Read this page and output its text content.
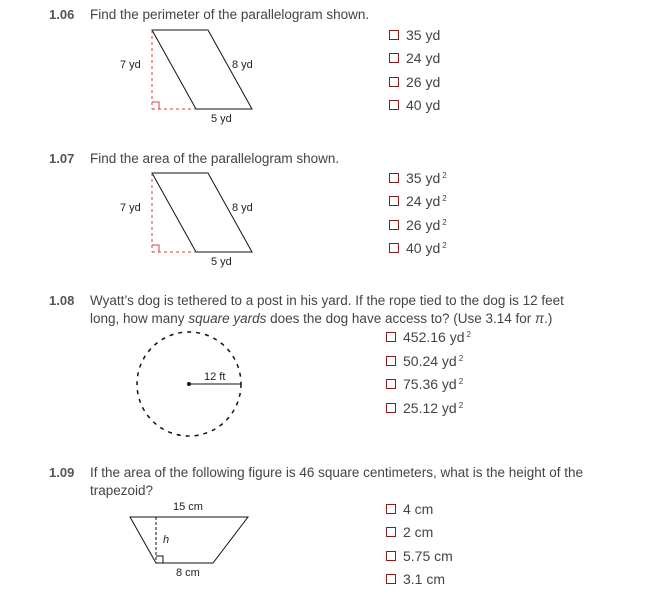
1.06 Find the perimeter of the parallelogram shown.
1.07 Find the area of the parallelogram shown.
1.08 Wyatt’s dog is tethered to a post in his yard. If the rope tied to the dog is 12 feet
long, how many square yards does the dog have access to? (Use 3.14 for π.)
1.09 If the area of the following figure is 46 square centimeters, what is the height of the
trapezoid?
35 yd
24 yd
26 yd
40 yd
35 yd $^2$
24 yd $^2$
26 yd $^2$
40 yd $^2$
452.16 yd $^2$
50.24 yd $^2$
75.36 yd $^2$
25.12 yd $^2$
4 cm
2 cm
5.75 cm
3.1 cm
7 yd	8 yd
5 yd
7 yd	8 yd
5 yd
12 ft
15 cm
h
8 cm
